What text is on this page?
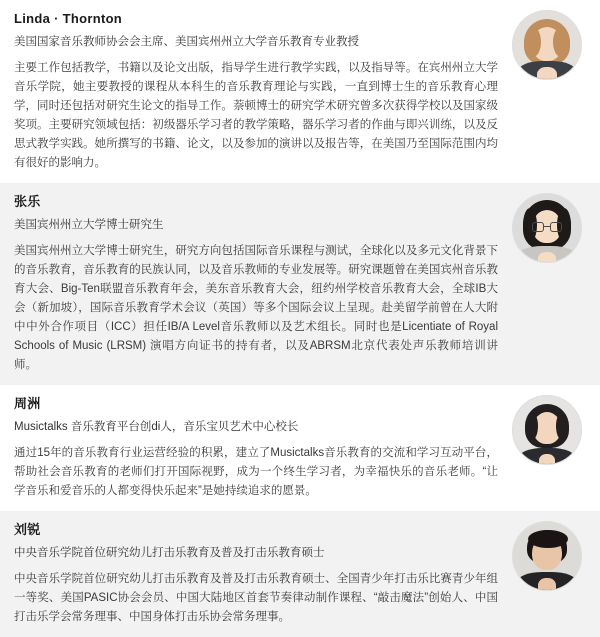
Linda · Thornton
美国国家音乐教师协会会主席、美国宾州州立大学音乐教育专业教授
主要工作包括教学，书籍以及论文出版，指导学生进行教学实践，以及指导等。在宾州州立大学音乐学院，她主要教授的课程从本科生的音乐教育理论与实践，一直到博士生的音乐教育心理学，同时还包括对研究生论文的指导工作。萘顿博士的研究学术研究曾多次获得学校以及国家级奖项。主要研究领域包括：初级器乐学习者的教学策略，器乐学习者的作曲与即兴训练，以及反思式教学实践。她所撰写的书籍、论文，以及参加的演讲以及报告等，在美国乃至国际范围内均有很好的影响力。
张乐
美国宾州州立大学博士研究生
美国宾州州立大学博士研究生，研究方向包括国际音乐课程与测试，全球化以及多元文化背景下的音乐教育，音乐教育的民族认同，以及音乐教师的专业发展等。研究课题曾在美国宾州音乐教育大会、Big-Ten联盟音乐教育年会，美东音乐教育大会，纽约州学校音乐教育大会，全球IB大会（新加坡），国际音乐教育学术会议（英国）等多个国际会议上呈现。赴美留学前曾在人大附中中外合作项目（ICC）担任IB/A Level音乐教师以及艺术组长。同时也是Licentiate of Royal Schools of Music (LRSM) 演唱方向证书的持有者，以及ABRSM北京代表处声乐教师培训讲师。
周洲
Musictalks 音乐教育平台创di人，音乐宝贝艺术中心校长
通过15年的音乐教育行业运营经验的积累，建立了Musictalks音乐教育的交流和学习互动平台，帮助社会音乐教育的老师们打开国际视野，成为一个终生学习者，为幸福快乐的音乐老师。“让学音乐和爱音乐的人都变得快乐起来”是她持续追求的愿景。
刘锐
中央音乐学院首位研究幼儿打击乐教育及普及打击乐教育硕士
中央音乐学院首位研究幼儿打击乐教育及普及打击乐教育硕士、全国青少年打击乐比赛青少年组一等奖、美国PASIC协会会员、中国大陆地区首套节奏律动制作课程、“敲击魔法”创始人、中国打击乐学会常务理事、中国身体打击乐协会常务理事。
